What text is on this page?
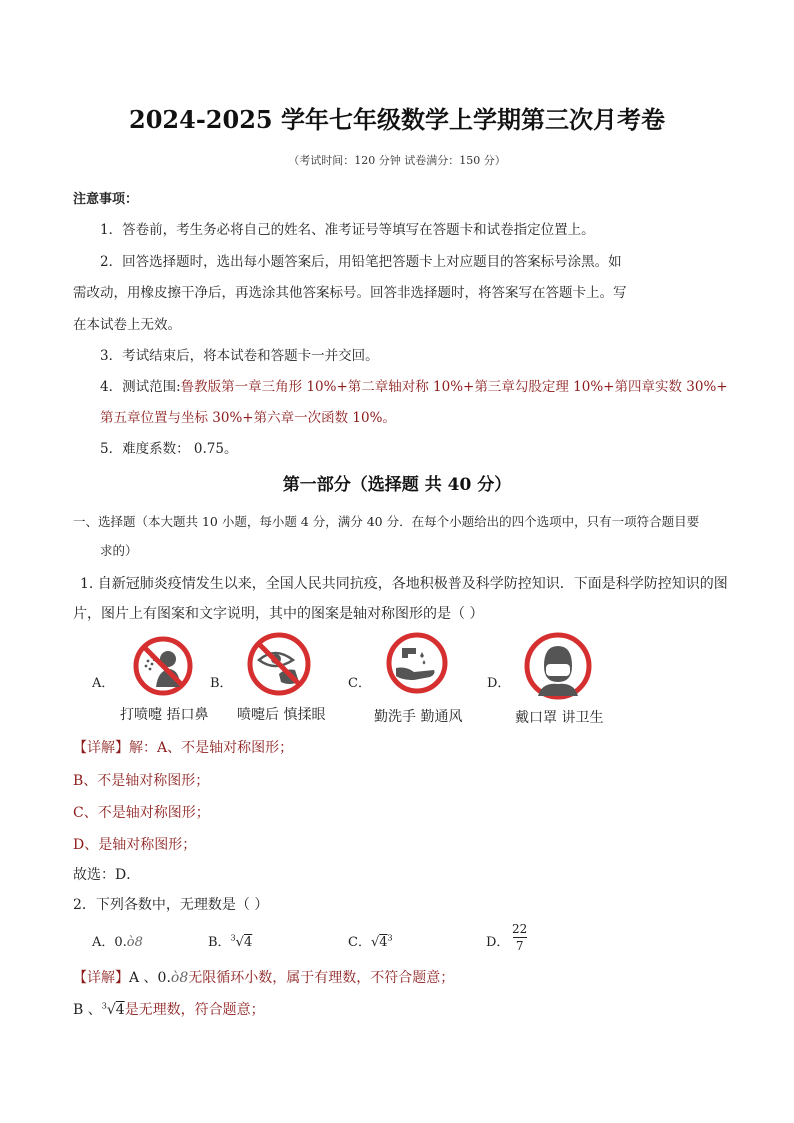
2024-2025 学年七年级数学上学期第三次月考卷
（考试时间：120 分钟 试卷满分：150 分）
注意事项：
1．答卷前，考生务必将自己的姓名、准考证号等填写在答题卡和试卷指定位置上。
2．回答选择题时，选出每小题答案后，用铅笔把答题卡上对应题目的答案标号涂黑。如
需改动，用橡皮擦干净后，再选涂其他答案标号。回答非选择题时，将答案写在答题卡上。写
在本试卷上无效。
3．考试结束后，将本试卷和答题卡一并交回。
4．测试范围:鲁教版第一章三角形 10%+第二章轴对称 10%+第三章勾股定理 10%+第四章实数 30%+
第五章位置与坐标 30%+第六章一次函数 10%。
5．难度系数： 0.75。
第一部分（选择题 共 40 分）
一、选择题（本大题共 10 小题，每小题 4 分，满分 40 分．在每个小题给出的四个选项中，只有一项符合题目要
求的）
1. 自新冠肺炎疫情发生以来，全国人民共同抗疫，各地积极普及科学防控知识．下面是科学防控知识的图
片，图片上有图案和文字说明，其中的图案是轴对称图形的是（ ）
A．
打喷嚏 捂口鼻
B．
喷嚏后 慎揉眼
C．
勤洗手 勤通风
D．
戴口罩 讲卫生
【详解】解：A、不是轴对称图形；
B、不是轴对称图形；
C、不是轴对称图形；
D、是轴对称图形；
故选：D．
2．下列各数中，无理数是（ ）
A．0.ὸ8	B．$^3$√4	C．$√4^3$	D．
22
7
【详解】A 、0.ὸ8无限循环小数，属于有理数，不符合题意；
B 、$^3$√4是无理数，符合题意；
